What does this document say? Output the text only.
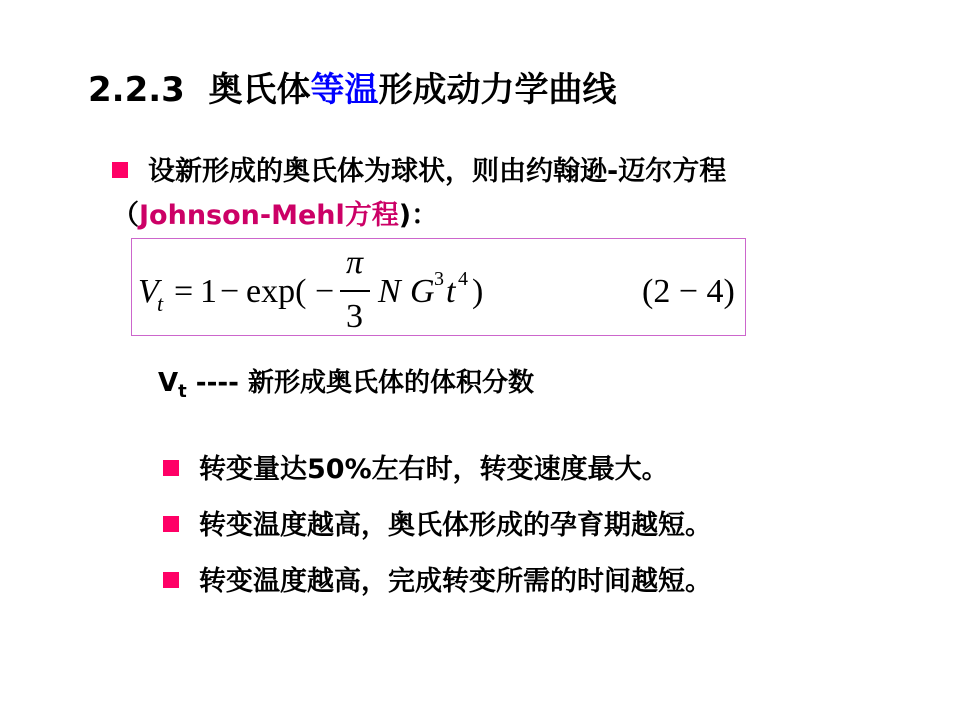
2.2.3 奥氏体等温形成动力学曲线
设新形成的奥氏体为球状，则由约翰逊-迈尔方程（Johnson-Mehl方程)：
V
t = 1 − exp( −
π
3
N G 3 t 4 )	(2 − 4)
$V_t$ ---- 新形成奥氏体的体积分数
转变量达50%左右时，转变速度最大。
转变温度越高，奥氏体形成的孕育期越短。
转变温度越高，完成转变所需的时间越短。
